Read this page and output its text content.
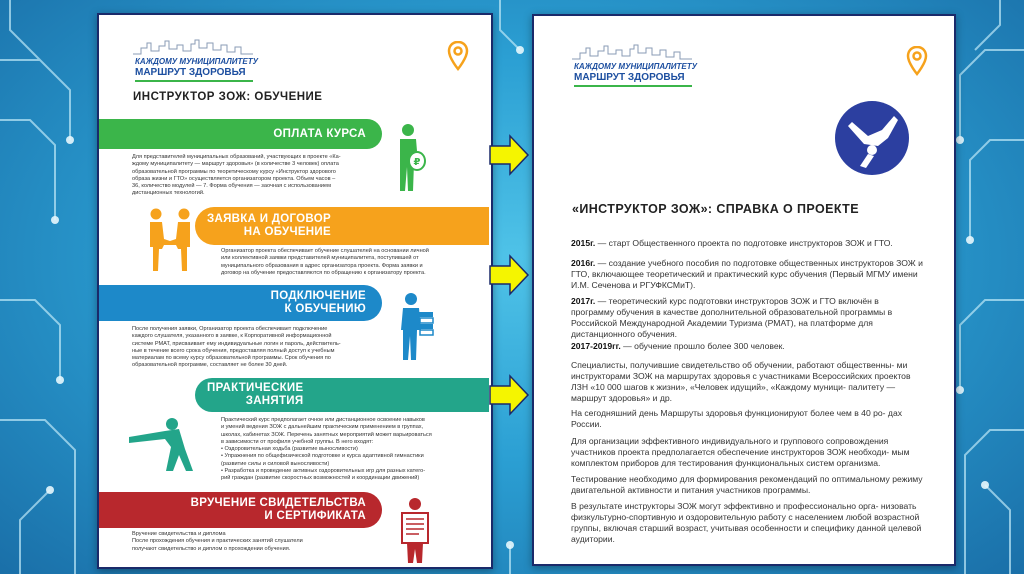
КАЖДОМУ МУНИЦИПАЛИТЕТУ
МАРШРУТ ЗДОРОВЬЯ
ИНСТРУКТОР ЗОЖ: ОБУЧЕНИЕ
ОПЛАТА КУРСА
₽
Для представителей муниципальных образований, участвующих в проекте «Ка-
ждому муниципалитету — маршрут здоровья» (в количестве 3 человек) оплата
образовательной программы по теоретическому курсу «Инструктор здорового
образа жизни и ГТО» осуществляется организатором проекта. Объем часов –
36, количество модулей — 7. Форма обучения — заочная с использованием
дистанционных технологий.
ЗАЯВКА И ДОГОВОР
НА ОБУЧЕНИЕ
Организатор проекта обеспечивает обучение слушателей на основании личной
или коллективной заявки представителей муниципалитета, поступившей от
муниципального образования в адрес организатора проекта. Форма заявки и
договор на обучение предоставляются по обращению к организатору проекта.
ПОДКЛЮЧЕНИЕ
К ОБУЧЕНИЮ
После получения заявки, Организатор проекта обеспечивает подключение
каждого слушателя, указанного в заявке, к Корпоративной информационной
системе РМАТ, присваивает ему индивидуальные логин и пароль, действитель-
ные в течение всего срока обучения, предоставляя полный доступ к учебным
материалам по всему курсу образовательной программы. Срок обучения по
образовательной программе, составляет не более 30 дней.
ПРАКТИЧЕСКИЕ
ЗАНЯТИЯ
Практический курс предполагает очное или дистанционное освоение навыков
и умений ведения ЗОЖ с дальнейшим практическим применением в группах,
школах, кабинетах ЗОЖ. Перечень занятных мероприятий может варьироваться
в зависимости от профиля учебной группы. В него входят:
• Оздоровительная ходьба (развитие выносливости)
• Упражнения по общефизической подготовке и курса адаптивной гимнастики
(развитие силы и силовой выносливости)
• Разработка и проведение активных оздоровительных игр для разных катего-
рий граждан (развитие скоростных возможностей и координации движений)
ВРУЧЕНИЕ СВИДЕТЕЛЬСТВА
И СЕРТИФИКАТА
Вручение свидетельства и диплома
После прохождения обучения и практических занятий слушатели
получают свидетельство и диплом о прохождении обучения.
КАЖДОМУ МУНИЦИПАЛИТЕТУ
МАРШРУТ ЗДОРОВЬЯ
«ИНСТРУКТОР ЗОЖ»: СПРАВКА О ПРОЕКТЕ
2015г. — старт Общественного проекта по подготовке инструкторов ЗОЖ и ГТО.
2016г. — создание учебного пособия по подготовке общественных инструкторов ЗОЖ и ГТО, включающее теоретический и практический курс обучения (Первый МГМУ имени И.М. Сеченова и РГУФКСМиТ).
2017г. — теоретический курс подготовки инструкторов ЗОЖ и ГТО включён в программу обучения в качестве дополнительной образовательной программы в Российской Международной Академии Туризма (РМАТ), на платформе для дистанционного обучения.
2017-2019гг. — обучение прошло более 300 человек.
Специалисты, получившие свидетельство об обучении, работают общественны- ми инструкторами ЗОЖ на маршрутах здоровья с участниками Всероссийских проектов ЛЗН «10 000 шагов к жизни», «Человек идущий», «Каждому муници- палитету — маршрут здоровья» и др.
На сегодняшний день Маршруты здоровья функционируют более чем в 40 ро- дах России.
Для организации эффективного индивидуального и группового сопровождения участников проекта предполагается обеспечение инструкторов ЗОЖ необходи- мым комплектом приборов для тестирования функциональных систем организма.
Тестирование необходимо для формирования рекомендаций по оптимальному режиму двигательной активности и питания участников программы.
В результате инструкторы ЗОЖ могут эффективно и профессионально орга- низовать физкультурно-спортивную и оздоровительную работу с населением любой возрастной группы, включая старший возраст, учитывая особенности и специфику данной целевой аудитории.
